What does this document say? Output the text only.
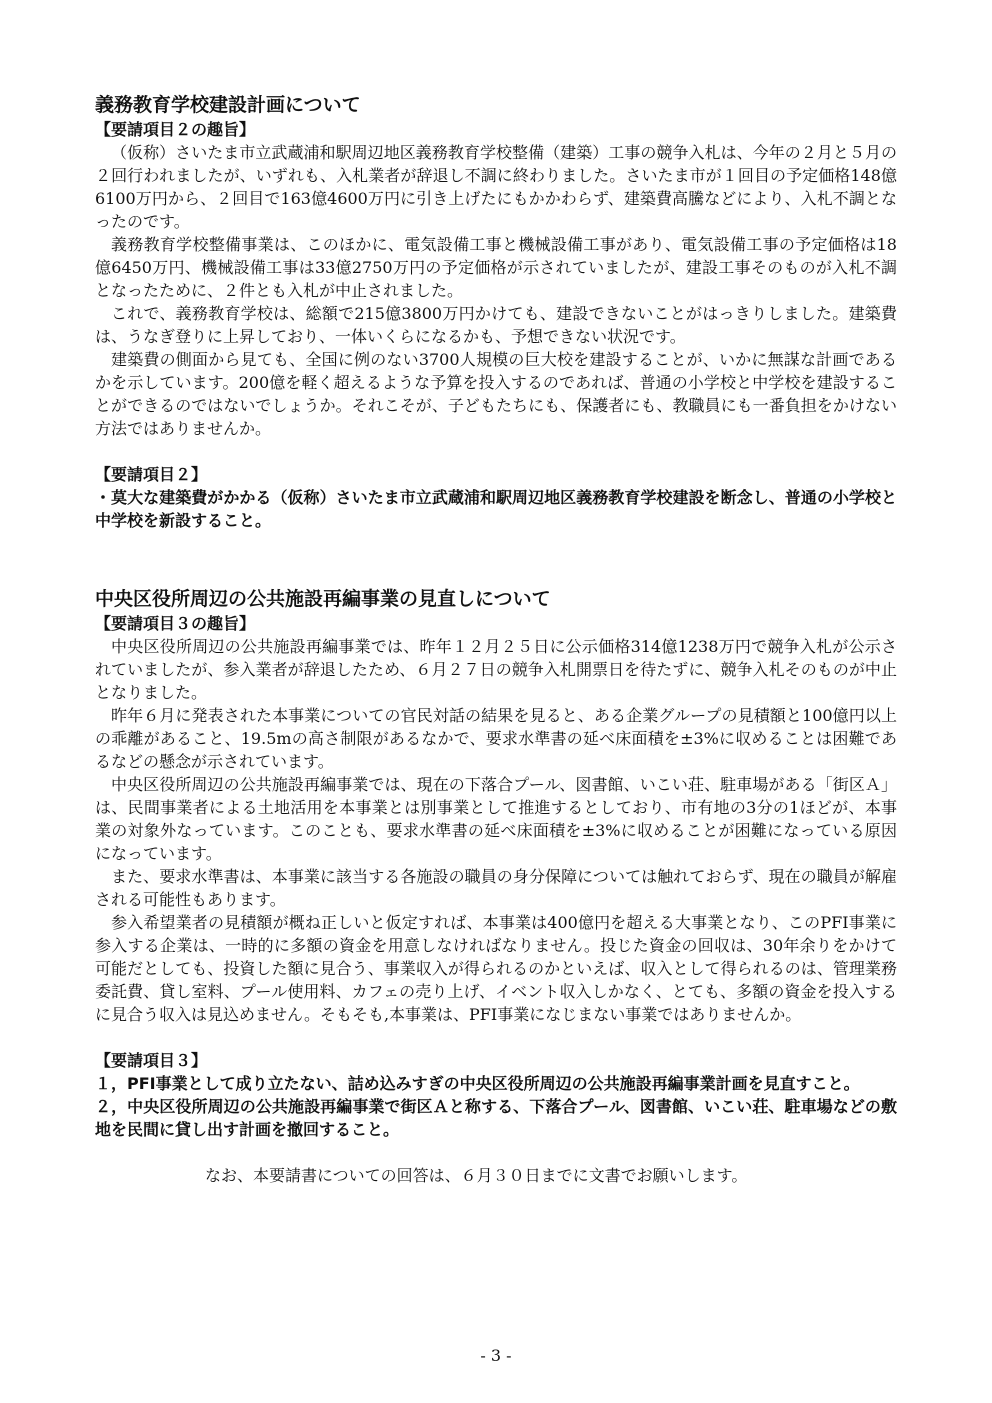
義務教育学校建設計画について

【要請項目２の趣旨】

（仮称）さいたま市立武蔵浦和駅周辺地区義務教育学校整備（建築）工事の競争入札は、今年の２月と５月の２回行われましたが、いずれも、入札業者が辞退し不調に終わりました。さいたま市が１回目の予定価格148億6100万円から、２回目で163億4600万円に引き上げたにもかかわらず、建築費高騰などにより、入札不調となったのです。

義務教育学校整備事業は、このほかに、電気設備工事と機械設備工事があり、電気設備工事の予定価格は18億6450万円、機械設備工事は33億2750万円の予定価格が示されていましたが、建設工事そのものが入札不調となったために、２件とも入札が中止されました。

これで、義務教育学校は、総額で215億3800万円かけても、建設できないことがはっきりしました。建築費は、うなぎ登りに上昇しており、一体いくらになるかも、予想できない状況です。

建築費の側面から見ても、全国に例のない3700人規模の巨大校を建設することが、いかに無謀な計画であるかを示しています。200億を軽く超えるような予算を投入するのであれば、普通の小学校と中学校を建設することができるのではないでしょうか。それこそが、子どもたちにも、保護者にも、教職員にも一番負担をかけない方法ではありませんか。

【要請項目２】

・莫大な建築費がかかる（仮称）さいたま市立武蔵浦和駅周辺地区義務教育学校建設を断念し、普通の小学校と中学校を新設すること。

中央区役所周辺の公共施設再編事業の見直しについて

【要請項目３の趣旨】

中央区役所周辺の公共施設再編事業では、昨年１２月２５日に公示価格314億1238万円で競争入札が公示されていましたが、参入業者が辞退したため、６月２７日の競争入札開票日を待たずに、競争入札そのものが中止となりました。

昨年６月に発表された本事業についての官民対話の結果を見ると、ある企業グループの見積額と100億円以上の乖離があること、19.5mの高さ制限があるなかで、要求水準書の延べ床面積を±3%に収めることは困難であるなどの懸念が示されています。

中央区役所周辺の公共施設再編事業では、現在の下落合プール、図書館、いこい荘、駐車場がある「街区Ａ」は、民間事業者による土地活用を本事業とは別事業として推進するとしており、市有地の3分の1ほどが、本事業の対象外なっています。このことも、要求水準書の延べ床面積を±3%に収めることが困難になっている原因になっています。

また、要求水準書は、本事業に該当する各施設の職員の身分保障については触れておらず、現在の職員が解雇される可能性もあります。

参入希望業者の見積額が概ね正しいと仮定すれば、本事業は400億円を超える大事業となり、このPFI事業に参入する企業は、一時的に多額の資金を用意しなければなりません。投じた資金の回収は、30年余りをかけて可能だとしても、投資した額に見合う、事業収入が得られるのかといえば、収入として得られるのは、管理業務委託費、貸し室料、プール使用料、カフェの売り上げ、イベント収入しかなく、とても、多額の資金を投入するに見合う収入は見込めません。そもそも,本事業は、PFI事業になじまない事業ではありませんか。

【要請項目３】

１，PFI事業として成り立たない、詰め込みすぎの中央区役所周辺の公共施設再編事業計画を見直すこと。

２，中央区役所周辺の公共施設再編事業で街区Ａと称する、下落合プール、図書館、いこい荘、駐車場などの敷地を民間に貸し出す計画を撤回すること。

なお、本要請書についての回答は、６月３０日までに文書でお願いします。

- 3 -
